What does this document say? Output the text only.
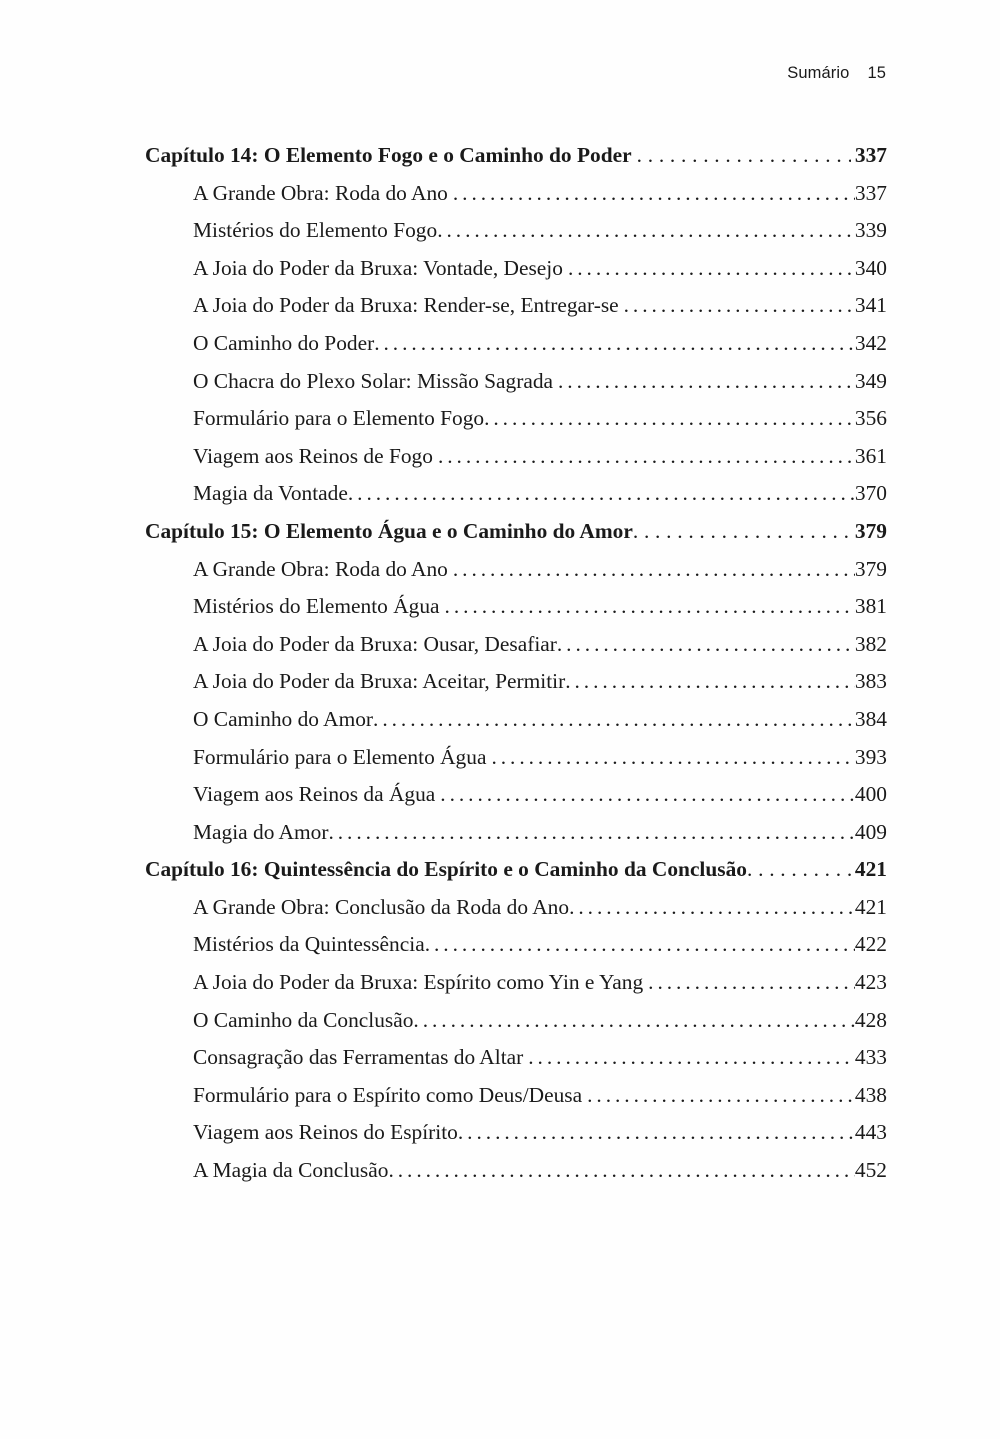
Sumário 15
Capítulo 14: O Elemento Fogo e o Caminho do Poder . . .	337
A Grande Obra: Roda do Ano . . .	337
Mistérios do Elemento Fogo . . .	339
A Joia do Poder da Bruxa: Vontade, Desejo . . .	340
A Joia do Poder da Bruxa: Render-se, Entregar-se . . .	341
O Caminho do Poder . . .	342
O Chacra do Plexo Solar: Missão Sagrada . . .	349
Formulário para o Elemento Fogo . . .	356
Viagem aos Reinos de Fogo . . .	361
Magia da Vontade . . .	370
Capítulo 15: O Elemento Água e o Caminho do Amor . . .	379
A Grande Obra: Roda do Ano . . .	379
Mistérios do Elemento Água . . .	381
A Joia do Poder da Bruxa: Ousar, Desafiar . . .	382
A Joia do Poder da Bruxa: Aceitar, Permitir . . .	383
O Caminho do Amor . . .	384
Formulário para o Elemento Água . . .	393
Viagem aos Reinos da Água . . .	400
Magia do Amor . . .	409
Capítulo 16: Quintessência do Espírito e o Caminho da Conclusão . . .	421
A Grande Obra: Conclusão da Roda do Ano . . .	421
Mistérios da Quintessência . . .	422
A Joia do Poder da Bruxa: Espírito como Yin e Yang . . .	423
O Caminho da Conclusão . . .	428
Consagração das Ferramentas do Altar . . .	433
Formulário para o Espírito como Deus/Deusa . . .	438
Viagem aos Reinos do Espírito . . .	443
A Magia da Conclusão . . .	452
